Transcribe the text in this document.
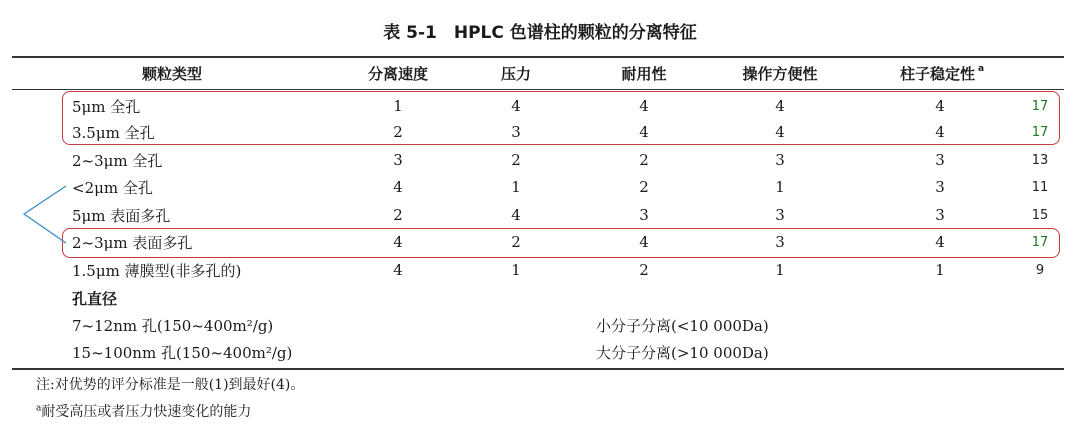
表 5-1　HPLC 色谱柱的颗粒的分离特征
颗粒类型	分离速度	压力	耐用性	操作方便性	柱子稳定性 $^a$
5μm 全孔	1	4	4	4	4	17
3.5μm 全孔	2	3	4	4	4	17
2~3μm 全孔	3	2	2	3	3	13
<2μm 全孔	4	1	2	1	3	11
5μm 表面多孔	2	4	3	3	3	15
2~3μm 表面多孔	4	2	4	3	4	17
1.5μm 薄膜型(非多孔的)	4	1	2	1	1	9
孔直径
7~12nm 孔(150~400m²/g)	小分子分离(<10 000Da)
15~100nm 孔(150~400m²/g)	大分子分离(>10 000Da)
注:对优势的评分标准是一般(1)到最好(4)。
$^a$耐受高压或者压力快速变化的能力
